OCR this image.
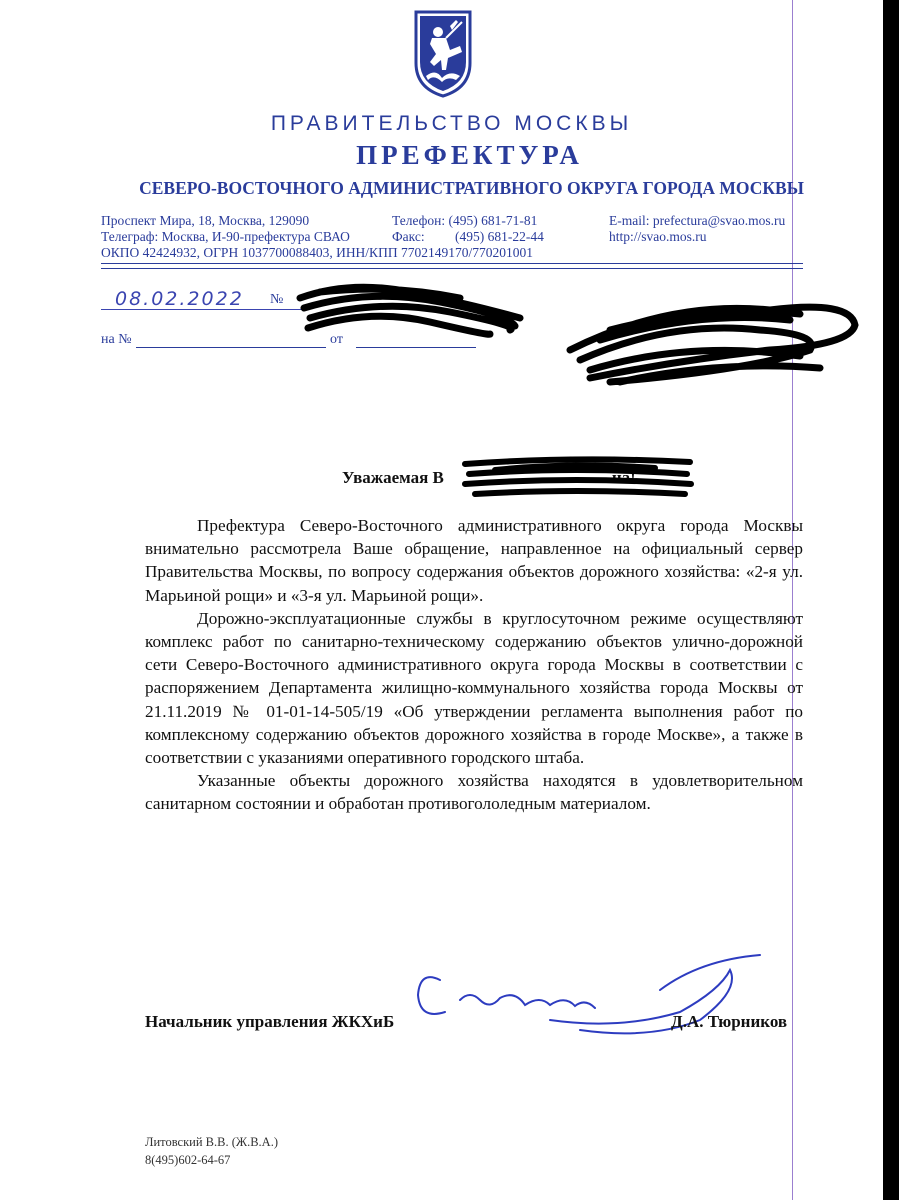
ПРАВИТЕЛЬСТВО МОСКВЫ
ПРЕФЕКТУРА
СЕВЕРО-ВОСТОЧНОГО АДМИНИСТРАТИВНОГО ОКРУГА ГОРОДА МОСКВЫ
Проспект Мира, 18, Москва, 129090
Телеграф: Москва, И-90-префектура СВАО
ОКПО 42424932, ОГРН 1037700088403, ИНН/КПП 7702149170/770201001
Телефон: (495) 681-71-81
Факс:         (495) 681-22-44
E-mail: prefectura@svao.mos.ru
http://svao.mos.ru
08.02.2022 №
на №	от
Уважаемая В	на!

Префектура Северо-Восточного административного округа города Москвы внимательно рассмотрела Ваше обращение, направленное на официальный сервер Правительства Москвы, по вопросу содержания объектов дорожного хозяйства: «2-я ул. Марьиной рощи» и «3-я ул. Марьиной рощи».

Дорожно-эксплуатационные службы в круглосуточном режиме осуществляют комплекс работ по санитарно-техническому содержанию объектов улично-дорожной сети Северо-Восточного административного округа города Москвы в соответствии с распоряжением Департамента жилищно-коммунального хозяйства города Москвы от 21.11.2019 № 01-01-14-505/19 «Об утверждении регламента выполнения работ по комплексному содержанию объектов дорожного хозяйства в городе Москве», а также в соответствии с указаниями оперативного городского штаба.

Указанные объекты дорожного хозяйства находятся в удовлетворительном санитарном состоянии и обработан противогололедным материалом.

Начальник управления ЖКХиБ	Д.А. Тюрников
Литовский В.В. (Ж.В.А.)
8(495)602-64-67
